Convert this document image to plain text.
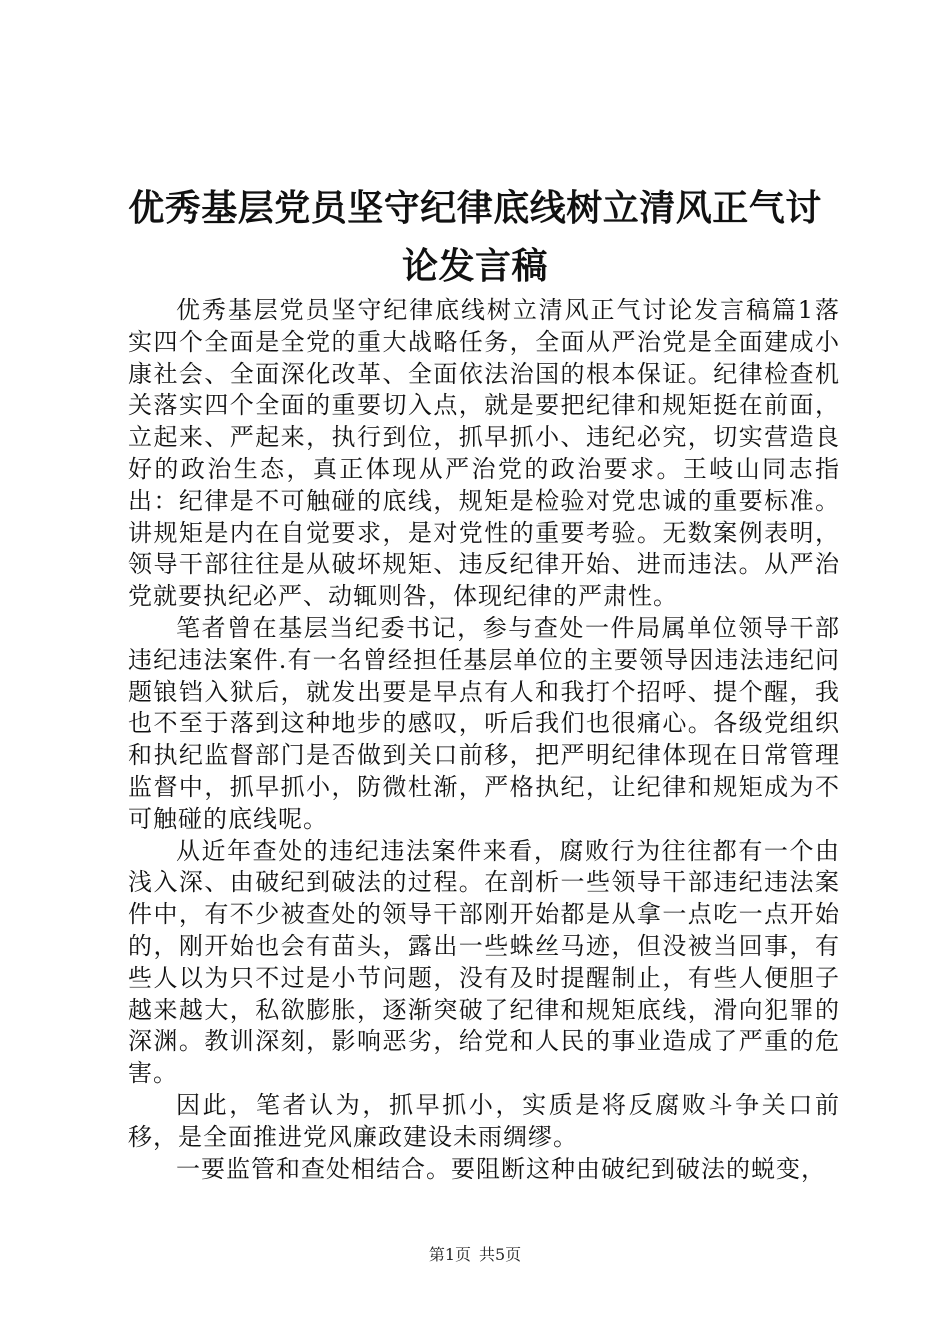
优秀基层党员坚守纪律底线树立清风正气讨论发言稿

优秀基层党员坚守纪律底线树立清风正气讨论发言稿篇1落实四个全面是全党的重大战略任务，全面从严治党是全面建成小康社会、全面深化改革、全面依法治国的根本保证。纪律检查机关落实四个全面的重要切入点，就是要把纪律和规矩挺在前面，立起来、严起来，执行到位，抓早抓小、违纪必究，切实营造良好的政治生态，真正体现从严治党的政治要求。王岐山同志指出：纪律是不可触碰的底线，规矩是检验对党忠诚的重要标准。讲规矩是内在自觉要求，是对党性的重要考验。无数案例表明，领导干部往往是从破坏规矩、违反纪律开始、进而违法。从严治党就要执纪必严、动辄则咎，体现纪律的严肃性。

笔者曾在基层当纪委书记，参与查处一件局属单位领导干部违纪违法案件.有一名曾经担任基层单位的主要领导因违法违纪问题锒铛入狱后，就发出要是早点有人和我打个招呼、提个醒，我也不至于落到这种地步的感叹，听后我们也很痛心。各级党组织和执纪监督部门是否做到关口前移，把严明纪律体现在日常管理监督中，抓早抓小，防微杜渐，严格执纪，让纪律和规矩成为不可触碰的底线呢。

从近年查处的违纪违法案件来看，腐败行为往往都有一个由浅入深、由破纪到破法的过程。在剖析一些领导干部违纪违法案件中，有不少被查处的领导干部刚开始都是从拿一点吃一点开始的，刚开始也会有苗头，露出一些蛛丝马迹，但没被当回事，有些人以为只不过是小节问题，没有及时提醒制止，有些人便胆子越来越大，私欲膨胀，逐渐突破了纪律和规矩底线，滑向犯罪的深渊。教训深刻，影响恶劣，给党和人民的事业造成了严重的危害。

因此，笔者认为，抓早抓小，实质是将反腐败斗争关口前移，是全面推进党风廉政建设未雨绸缪。

一要监管和查处相结合。要阻断这种由破纪到破法的蜕变，

第1页 共5页
